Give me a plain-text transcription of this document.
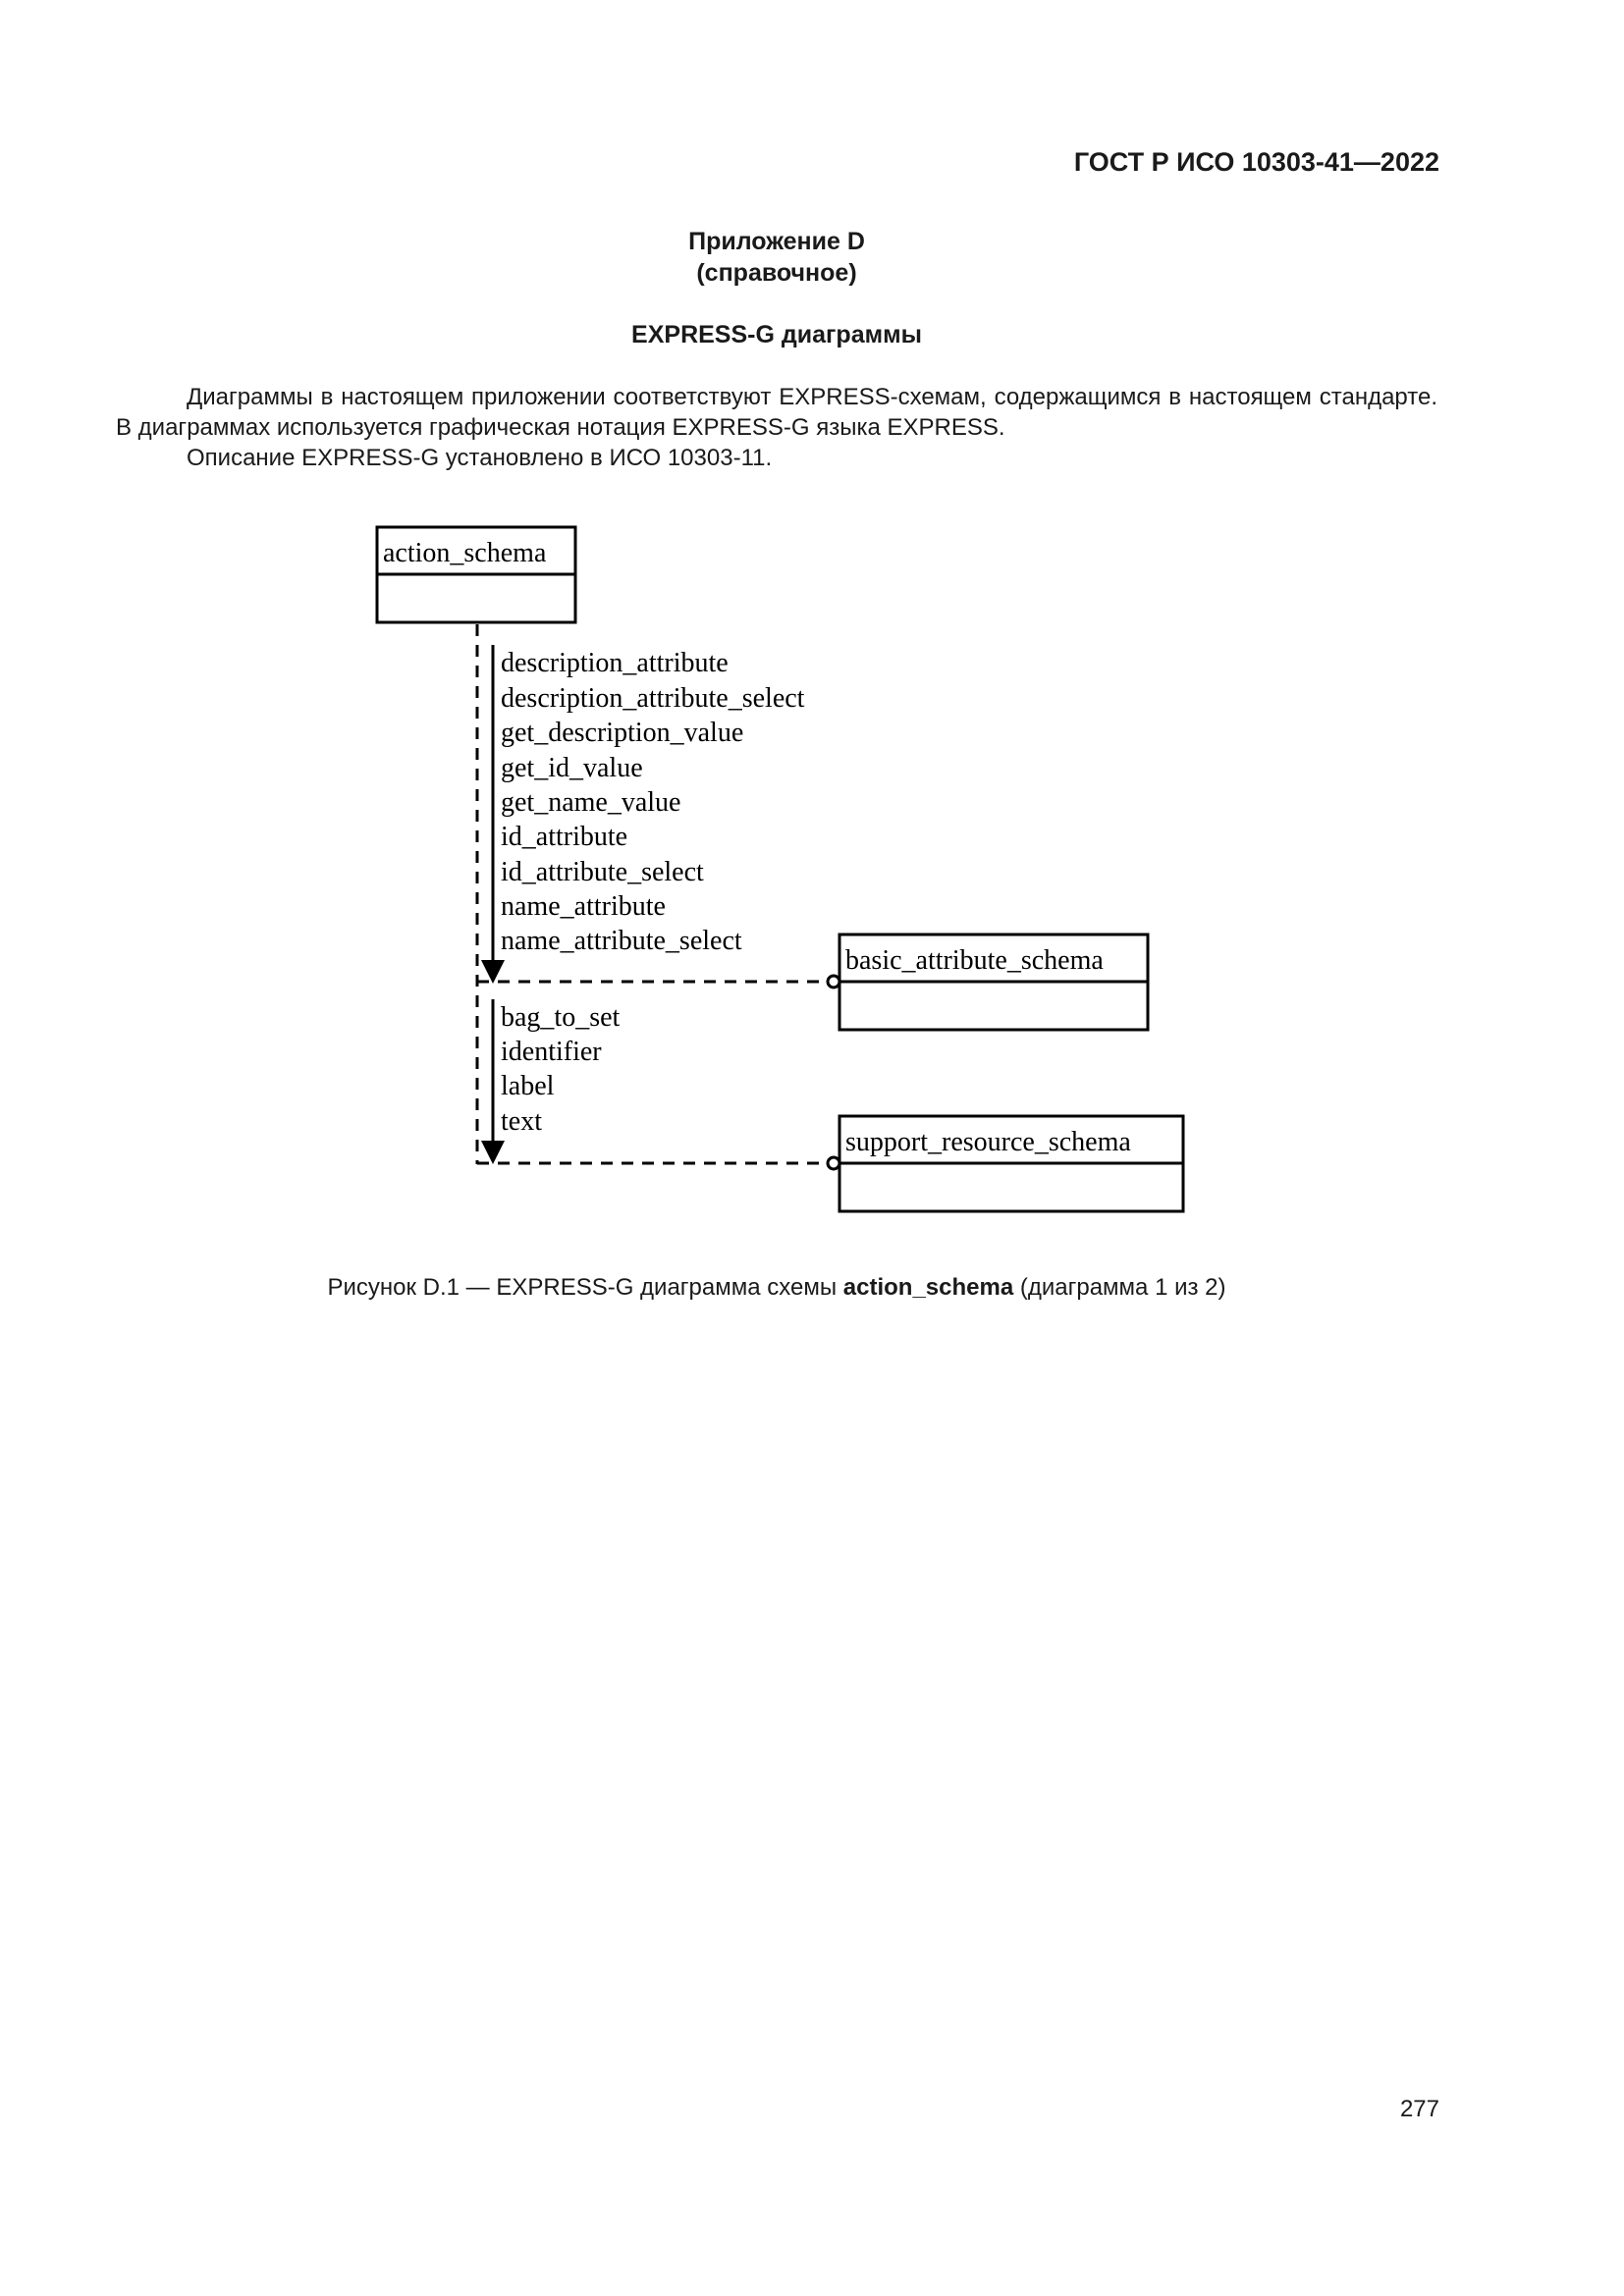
ГОСТ Р ИСО 10303-41—2022
Приложение D
(справочное)
EXPRESS-G диаграммы
Диаграммы в настоящем приложении соответствуют EXPRESS-схемам, содержащимся в настоящем стандарте. В диаграммах используется графическая нотация EXPRESS-G языка EXPRESS.
Описание EXPRESS-G установлено в ИСО 10303-11.
action_schema
description_attribute
description_attribute_select
get_description_value
get_id_value
get_name_value
id_attribute
id_attribute_select
name_attribute
name_attribute_select
basic_attribute_schema
bag_to_set
identifier
label
text
support_resource_schema
Рисунок D.1 — EXPRESS-G диаграмма схемы action_schema (диаграмма 1 из 2)
277
